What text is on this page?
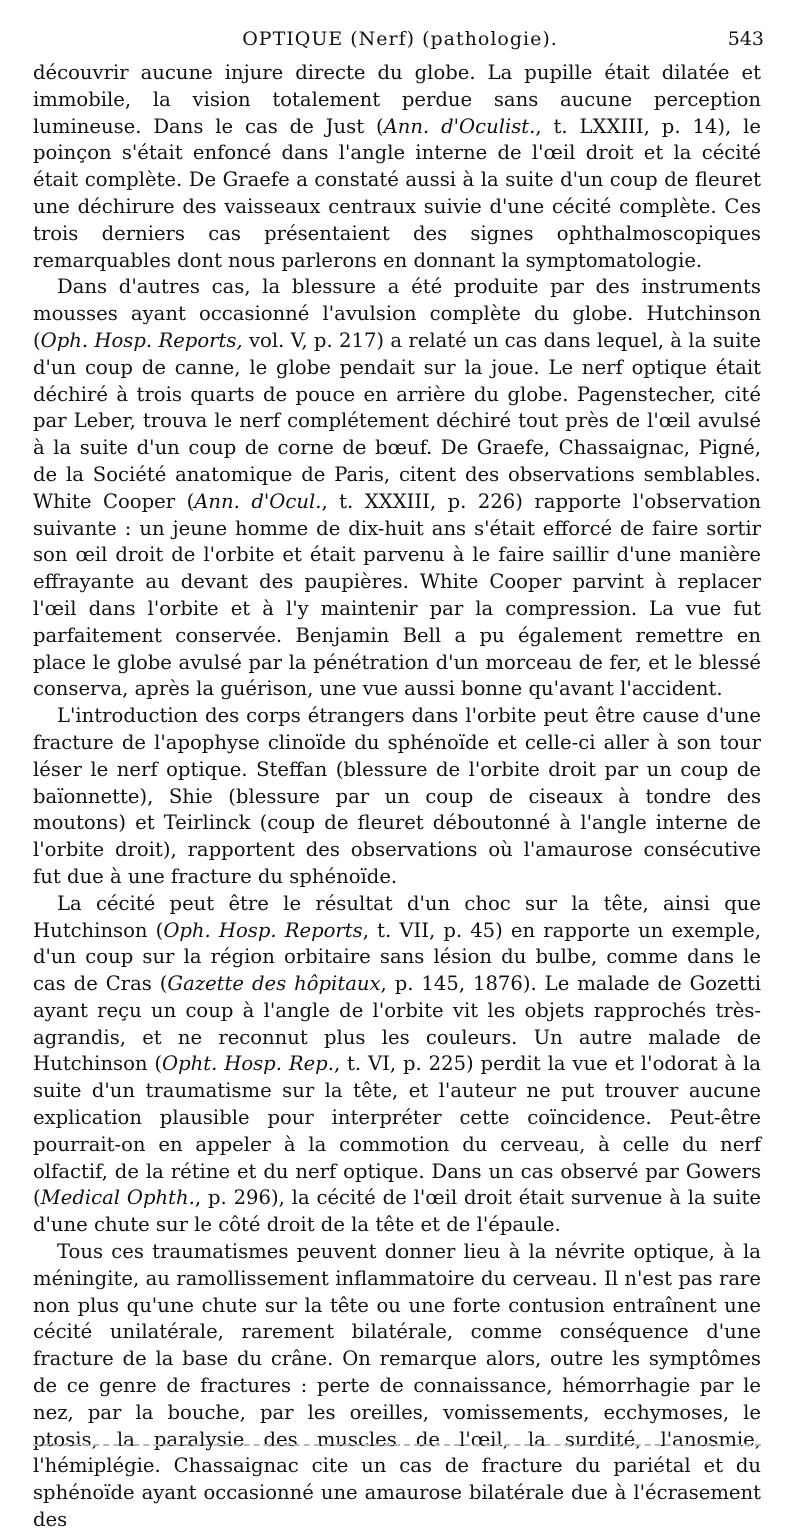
OPTIQUE (Nerf) (pathologie).	543

découvrir aucune injure directe du globe. La pupille était dilatée et immobile, la vision totalement perdue sans aucune perception lumineuse. Dans le cas de Just (Ann. d'Oculist., t. LXXIII, p. 14), le poinçon s'était enfoncé dans l'angle interne de l'œil droit et la cécité était complète. De Graefe a constaté aussi à la suite d'un coup de fleuret une déchirure des vaisseaux centraux suivie d'une cécité complète. Ces trois derniers cas présentaient des signes ophthalmoscopiques remarquables dont nous parlerons en donnant la symptomatologie.

Dans d'autres cas, la blessure a été produite par des instruments mousses ayant occasionné l'avulsion complète du globe. Hutchinson (Oph. Hosp. Reports, vol. V, p. 217) a relaté un cas dans lequel, à la suite d'un coup de canne, le globe pendait sur la joue. Le nerf optique était déchiré à trois quarts de pouce en arrière du globe. Pagenstecher, cité par Leber, trouva le nerf complétement déchiré tout près de l'œil avulsé à la suite d'un coup de corne de bœuf. De Graefe, Chassaignac, Pigné, de la Société anatomique de Paris, citent des observations semblables. White Cooper (Ann. d'Ocul., t. XXXIII, p. 226) rapporte l'observation suivante : un jeune homme de dix-huit ans s'était efforcé de faire sortir son œil droit de l'orbite et était parvenu à le faire saillir d'une manière effrayante au devant des paupières. White Cooper parvint à replacer l'œil dans l'orbite et à l'y maintenir par la compression. La vue fut parfaitement conservée. Benjamin Bell a pu également remettre en place le globe avulsé par la pénétration d'un morceau de fer, et le blessé conserva, après la guérison, une vue aussi bonne qu'avant l'accident.

L'introduction des corps étrangers dans l'orbite peut être cause d'une fracture de l'apophyse clinoïde du sphénoïde et celle-ci aller à son tour léser le nerf optique. Steffan (blessure de l'orbite droit par un coup de baïonnette), Shie (blessure par un coup de ciseaux à tondre des moutons) et Teirlinck (coup de fleuret déboutonné à l'angle interne de l'orbite droit), rapportent des observations où l'amaurose consécutive fut due à une fracture du sphénoïde.

La cécité peut être le résultat d'un choc sur la tête, ainsi que Hutchinson (Oph. Hosp. Reports, t. VII, p. 45) en rapporte un exemple, d'un coup sur la région orbitaire sans lésion du bulbe, comme dans le cas de Cras (Gazette des hôpitaux, p. 145, 1876). Le malade de Gozetti ayant reçu un coup à l'angle de l'orbite vit les objets rapprochés très-agrandis, et ne reconnut plus les couleurs. Un autre malade de Hutchinson (Opht. Hosp. Rep., t. VI, p. 225) perdit la vue et l'odorat à la suite d'un traumatisme sur la tête, et l'auteur ne put trouver aucune explication plausible pour interpréter cette coïncidence. Peut-être pourrait-on en appeler à la commotion du cerveau, à celle du nerf olfactif, de la rétine et du nerf optique. Dans un cas observé par Gowers (Medical Ophth., p. 296), la cécité de l'œil droit était survenue à la suite d'une chute sur le côté droit de la tête et de l'épaule.

Tous ces traumatismes peuvent donner lieu à la névrite optique, à la méningite, au ramollissement inflammatoire du cerveau. Il n'est pas rare non plus qu'une chute sur la tête ou une forte contusion entraînent une cécité unilatérale, rarement bilatérale, comme conséquence d'une fracture de la base du crâne. On remarque alors, outre les symptômes de ce genre de fractures : perte de connaissance, hémorrhagie par le nez, par la bouche, par les oreilles, vomissements, ecchymoses, le ptosis, la paralysie des muscles de l'œil, la surdité, l'anosmie, l'hémiplégie. Chassaignac cite un cas de fracture du pariétal et du sphénoïde ayant occasionné une amaurose bilatérale due à l'écrasement des
